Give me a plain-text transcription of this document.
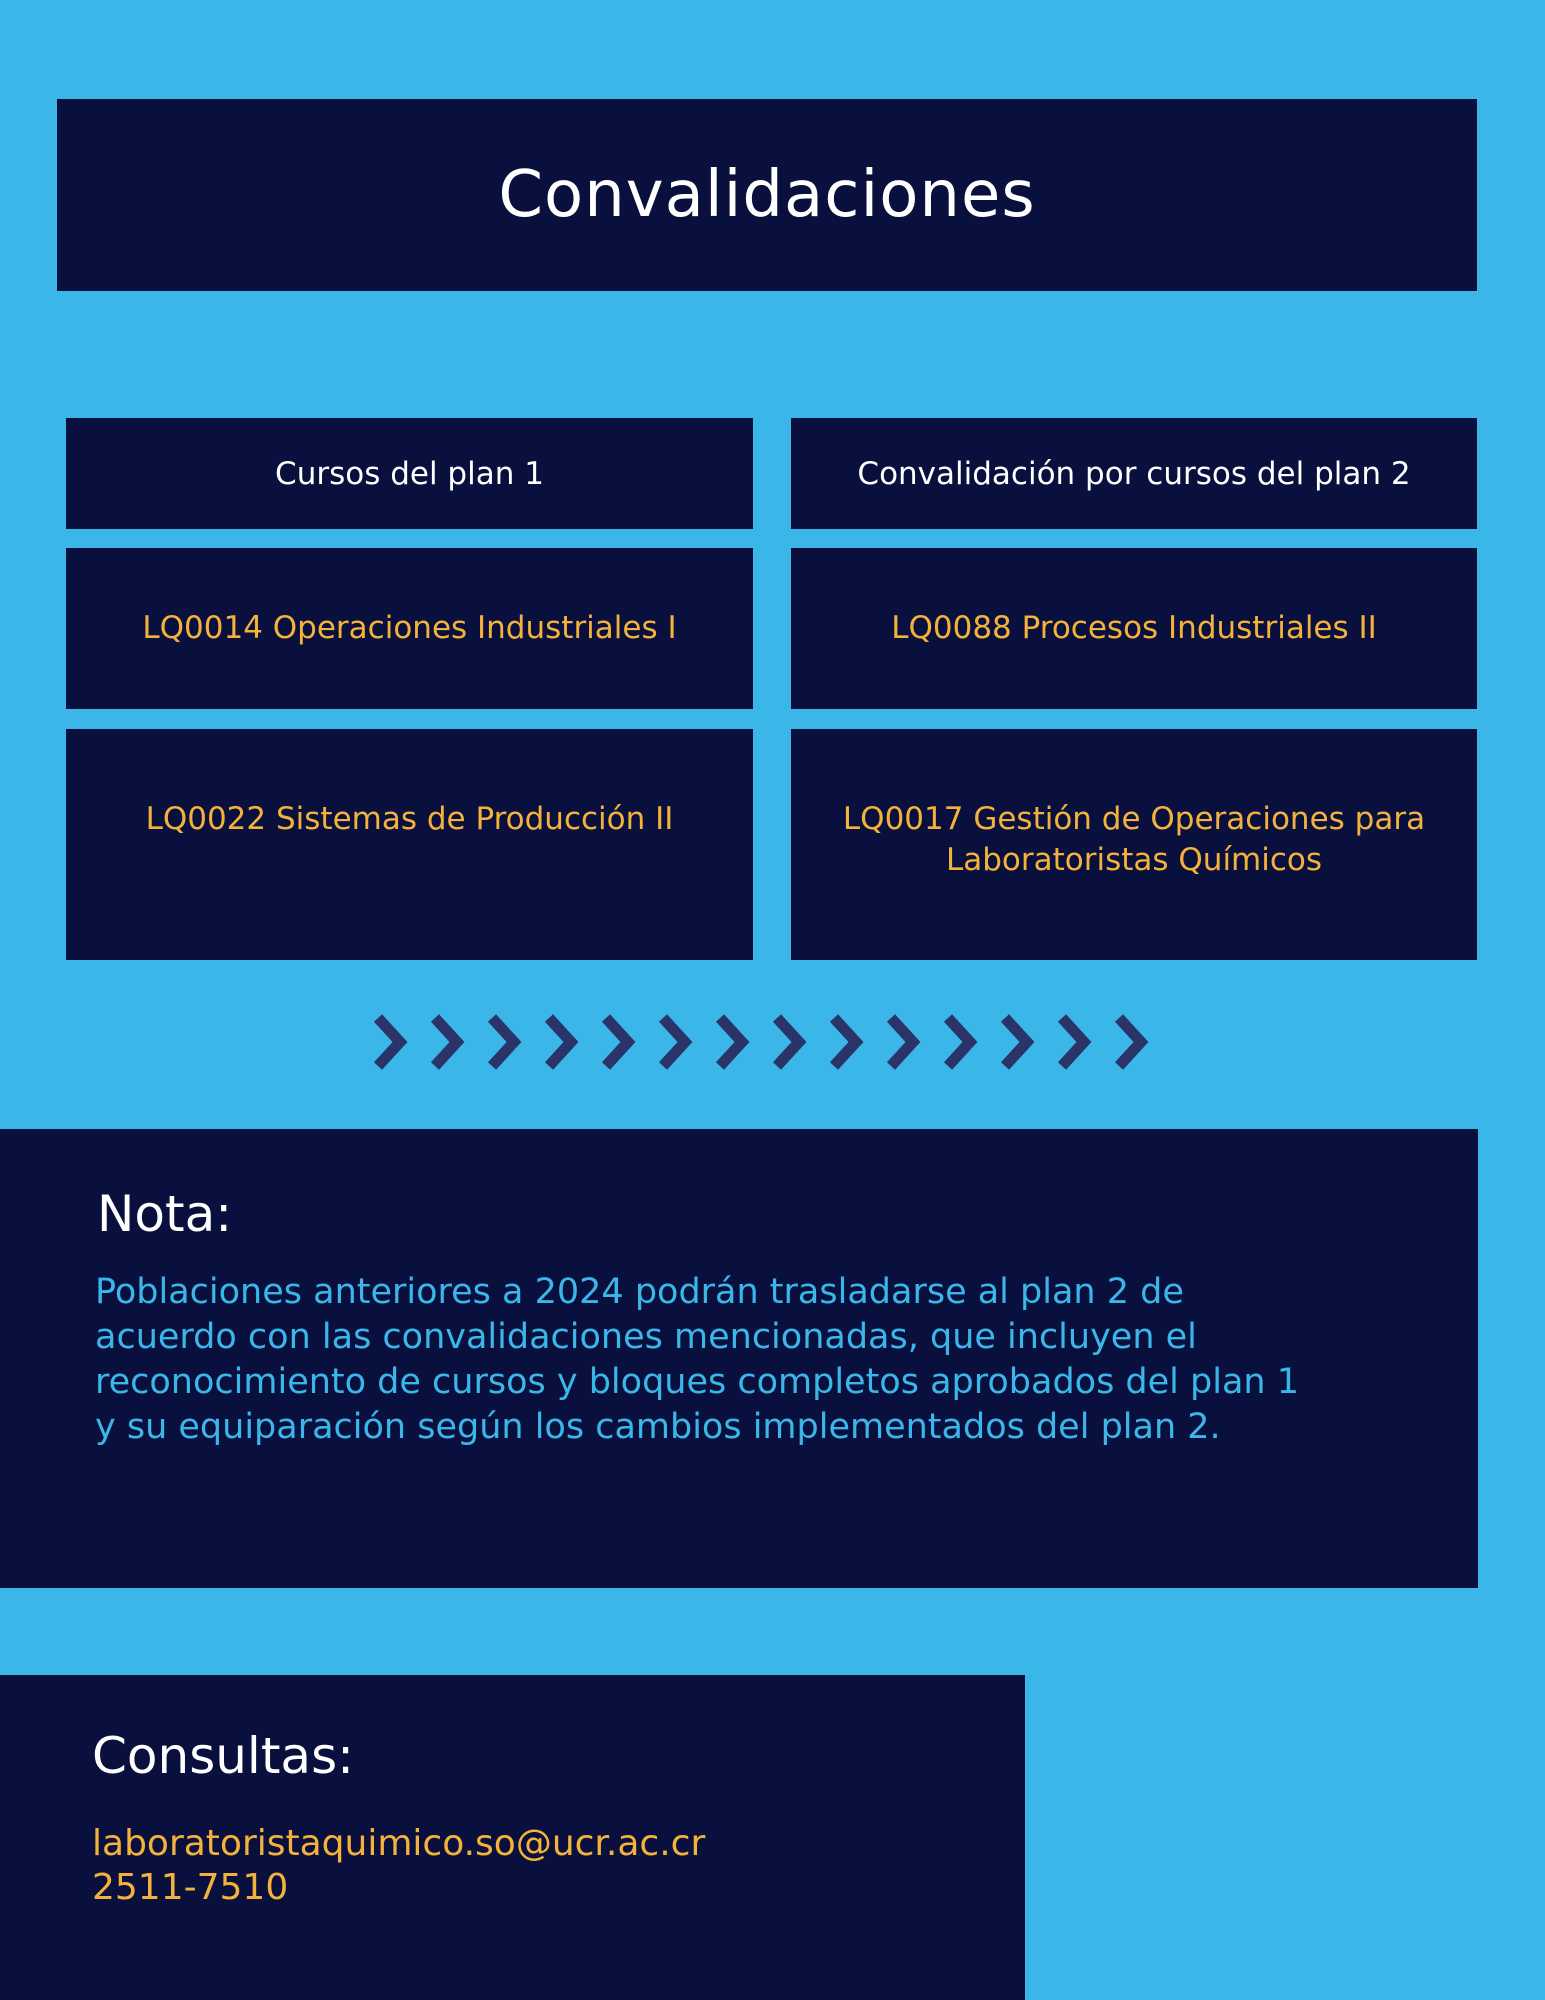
Convalidaciones
Cursos del plan 1	Convalidación por cursos del plan 2
LQ0014 Operaciones Industriales I	LQ0088 Procesos Industriales II
LQ0022 Sistemas de Producción II	LQ0017 Gestión de Operaciones para Laboratoristas Químicos
Nota:

Poblaciones anteriores a 2024 podrán trasladarse al plan 2 de acuerdo con las convalidaciones mencionadas, que incluyen el reconocimiento de cursos y bloques completos aprobados del plan 1 y su equiparación según los cambios implementados del plan 2.

Consultas:

laboratoristaquimico.so@ucr.ac.cr

2511-7510
